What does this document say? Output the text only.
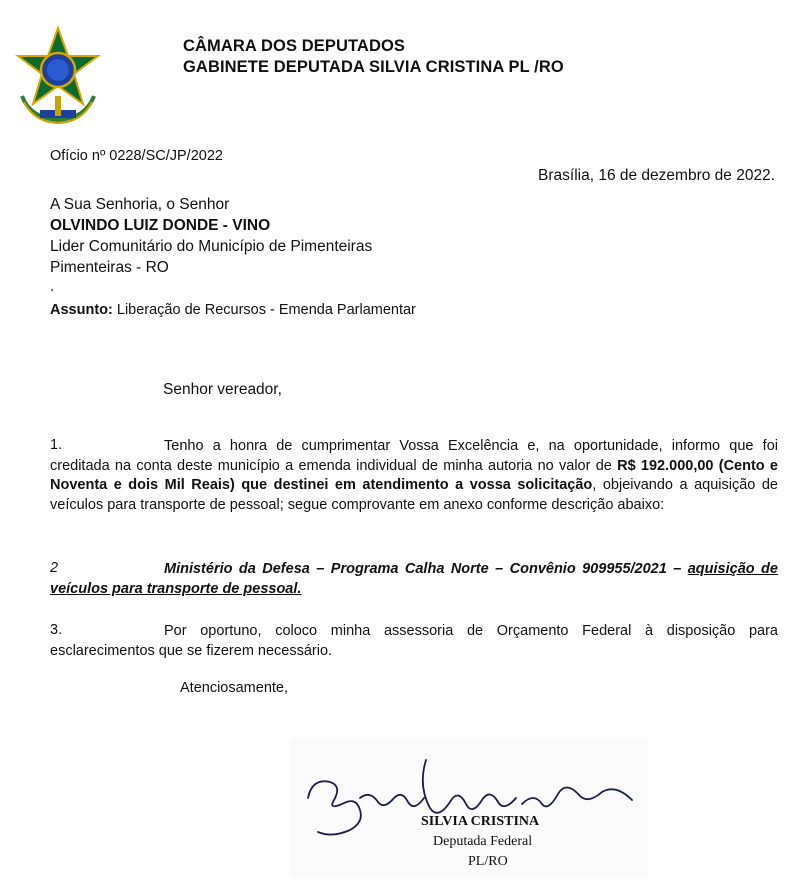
CÂMARA DOS DEPUTADOS
GABINETE DEPUTADA SILVIA CRISTINA PL /RO
Ofício nº 0228/SC/JP/2022
Brasília, 16 de dezembro de 2022.
A Sua Senhoria, o Senhor
OLVINDO LUIZ DONDE - VINO
Lider Comunitário do Município de Pimenteiras
Pimenteiras - RO
.
Assunto: Liberação de Recursos - Emenda Parlamentar
Senhor vereador,
1.	Tenho a honra de cumprimentar Vossa Excelência e, na oportunidade, informo que foi creditada na conta deste município a emenda individual de minha autoria no valor de R$ 192.000,00 (Cento e Noventa e dois Mil Reais) que destinei em atendimento a vossa solicitação, objeivando a aquisição de veículos para transporte de pessoal; segue comprovante em anexo conforme descrição abaixo:
2	Ministério da Defesa – Programa Calha Norte – Convênio 909955/2021 – aquisição de veículos para transporte de pessoal.
3.	Por oportuno, coloco minha assessoria de Orçamento Federal à disposição para esclarecimentos que se fizerem necessário.
Atenciosamente,
SILVIA CRISTINA
Deputada Federal
PL/RO
